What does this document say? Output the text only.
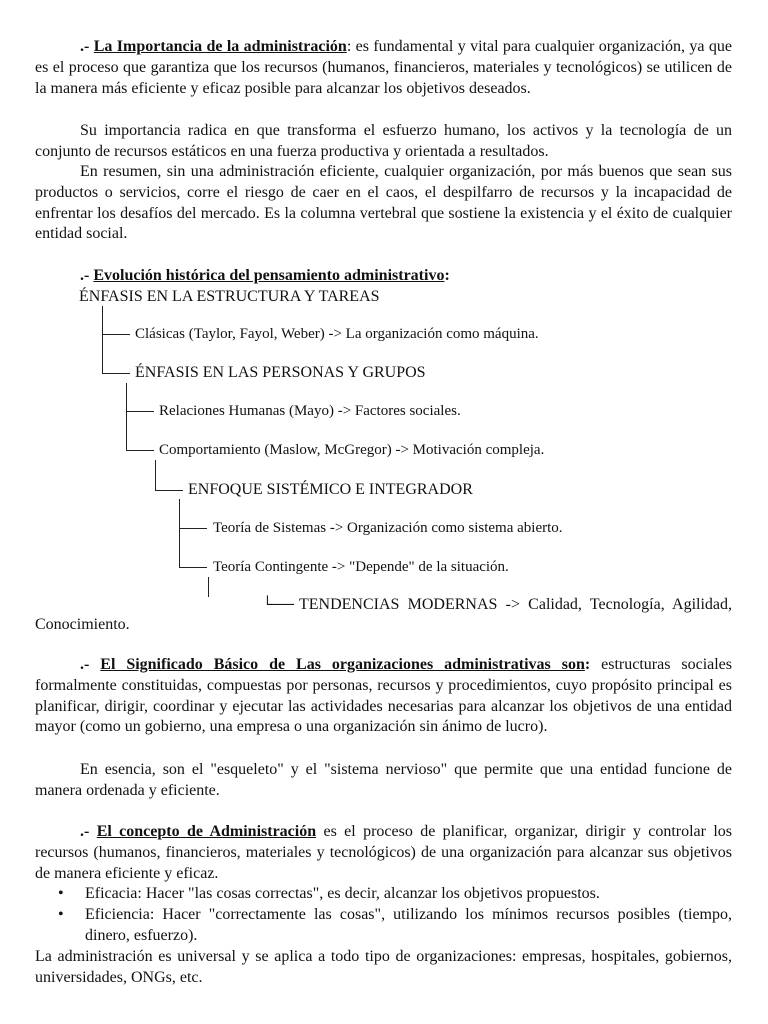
.- La Importancia de la administración: es fundamental y vital para cualquier organización, ya que es el proceso que garantiza que los recursos (humanos, financieros, materiales y tecnológicos) se utilicen de la manera más eficiente y eficaz posible para alcanzar los objetivos deseados.

Su importancia radica en que transforma el esfuerzo humano, los activos y la tecnología de un conjunto de recursos estáticos en una fuerza productiva y orientada a resultados.

En resumen, sin una administración eficiente, cualquier organización, por más buenos que sean sus productos o servicios, corre el riesgo de caer en el caos, el despilfarro de recursos y la incapacidad de enfrentar los desafíos del mercado. Es la columna vertebral que sostiene la existencia y el éxito de cualquier entidad social.

.- Evolución histórica del pensamiento administrativo:

ÉNFASIS EN LA ESTRUCTURA Y TAREAS
Clásicas (Taylor, Fayol, Weber) -> La organización como máquina.
ÉNFASIS EN LAS PERSONAS Y GRUPOS
Relaciones Humanas (Mayo) -> Factores sociales.
Comportamiento (Maslow, McGregor) -> Motivación compleja.
ENFOQUE SISTÉMICO E INTEGRADOR
Teoría de Sistemas -> Organización como sistema abierto.
Teoría Contingente -> "Depende" de la situación.
└── TENDENCIAS MODERNAS -> Calidad, Tecnología, Agilidad,
Conocimiento.

.- El Significado Básico de Las organizaciones administrativas son: estructuras sociales formalmente constituidas, compuestas por personas, recursos y procedimientos, cuyo propósito principal es planificar, dirigir, coordinar y ejecutar las actividades necesarias para alcanzar los objetivos de una entidad mayor (como un gobierno, una empresa o una organización sin ánimo de lucro).

En esencia, son el "esqueleto" y el "sistema nervioso" que permite que una entidad funcione de manera ordenada y eficiente.

.- El concepto de Administración es el proceso de planificar, organizar, dirigir y controlar los recursos (humanos, financieros, materiales y tecnológicos) de una organización para alcanzar sus objetivos de manera eficiente y eficaz.

• Eficacia: Hacer "las cosas correctas", es decir, alcanzar los objetivos propuestos.
• Eficiencia: Hacer "correctamente las cosas", utilizando los mínimos recursos posibles (tiempo, dinero, esfuerzo).

La administración es universal y se aplica a todo tipo de organizaciones: empresas, hospitales, gobiernos, universidades, ONGs, etc.
